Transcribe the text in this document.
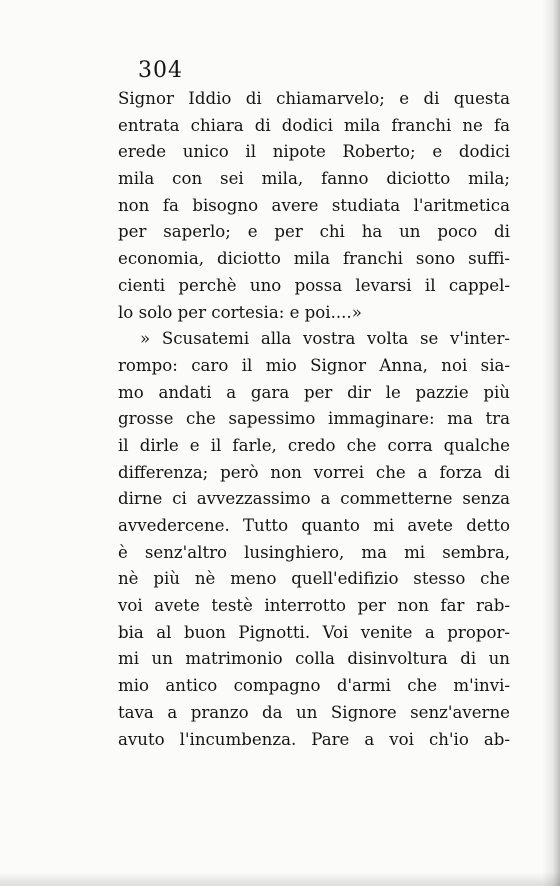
304
Signor Iddio di chiamarvelo; e di questa
entrata chiara di dodici mila franchi ne fa
erede unico il nipote Roberto; e dodici
mila con sei mila, fanno diciotto mila;
non fa bisogno avere studiata l'aritmetica
per saperlo; e per chi ha un poco di
economia, diciotto mila franchi sono suffi-
cienti perchè uno possa levarsi il cappel-
lo solo per cortesia: e poi....»
» Scusatemi alla vostra volta se v'inter-
rompo: caro il mio Signor Anna, noi sia-
mo andati a gara per dir le pazzie più
grosse che sapessimo immaginare: ma tra
il dirle e il farle, credo che corra qualche
differenza; però non vorrei che a forza di
dirne ci avvezzassimo a commetterne senza
avvedercene. Tutto quanto mi avete detto
è senz'altro lusinghiero, ma mi sembra,
nè più nè meno quell'edifizio stesso che
voi avete testè interrotto per non far rab-
bia al buon Pignotti. Voi venite a propor-
mi un matrimonio colla disinvoltura di un
mio antico compagno d'armi che m'invi-
tava a pranzo da un Signore senz'averne
avuto l'incumbenza. Pare a voi ch'io ab-
